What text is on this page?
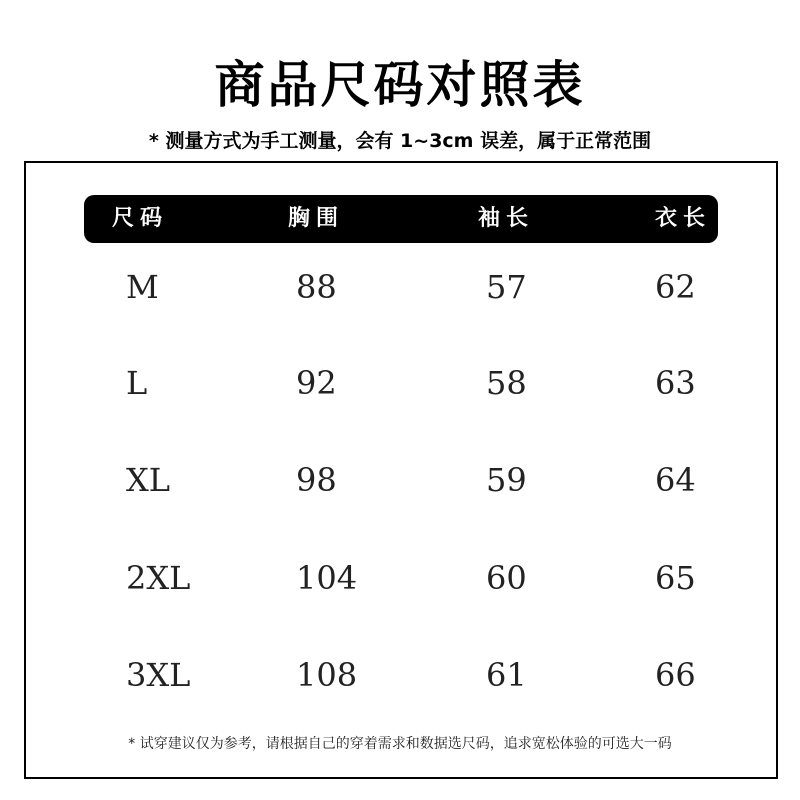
商品尺码对照表
* 测量方式为手工测量，会有 1~3cm 误差，属于正常范围
尺码	胸围	袖长	衣长
M	88	57	62
L	92	58	63
XL	98	59	64
2XL	104	60	65
3XL	108	61	66
* 试穿建议仅为参考，请根据自己的穿着需求和数据选尺码，追求宽松体验的可选大一码
